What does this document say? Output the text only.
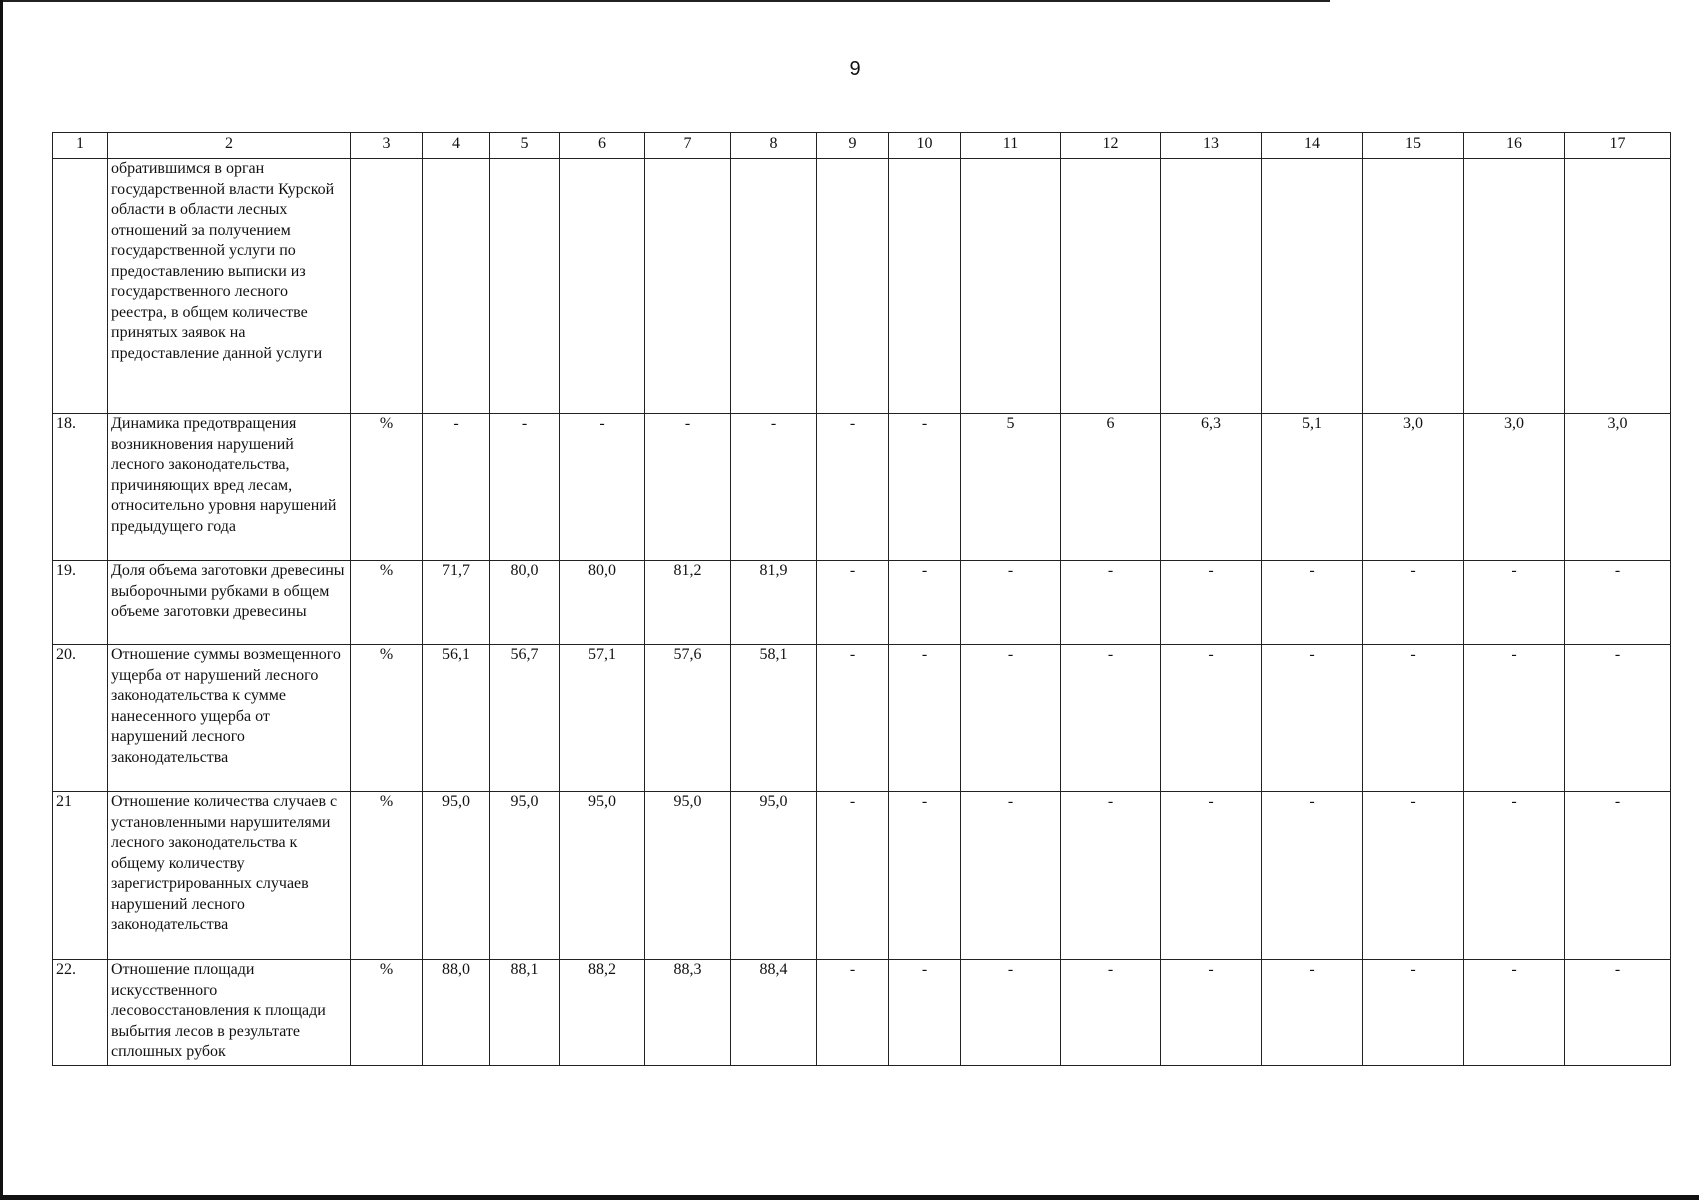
9
1	2	3	4	5	6	7	8	9	10	11	12	13	14	15	16	17
	обратившимся в орган государственной власти Курской области в области лесных отношений за получением государственной услуги по предоставлению выписки из государственного лесного реестра, в общем количестве принятых заявок на предоставление данной услуги															
18.	Динамика предотвращения возникновения нарушений лесного законодательства, причиняющих вред лесам, относительно уровня нарушений предыдущего года	%	-	-	-	-	-	-	-	5	6	6,3	5,1	3,0	3,0	3,0
19.	Доля объема заготовки древесины выборочными рубками в общем объеме заготовки древесины	%	71,7	80,0	80,0	81,2	81,9	-	-	-	-	-	-	-	-	-
20.	Отношение суммы возмещенного ущерба от нарушений лесного законодательства к сумме нанесенного ущерба от нарушений лесного законодательства	%	56,1	56,7	57,1	57,6	58,1	-	-	-	-	-	-	-	-	-
21	Отношение количества случаев с установленными нарушителями лесного законодательства к общему количеству зарегистрированных случаев нарушений лесного законодательства	%	95,0	95,0	95,0	95,0	95,0	-	-	-	-	-	-	-	-	-
22.	Отношение площади искусственного лесовосстановления к площади выбытия лесов в результате сплошных рубок	%	88,0	88,1	88,2	88,3	88,4	-	-	-	-	-	-	-	-	-
